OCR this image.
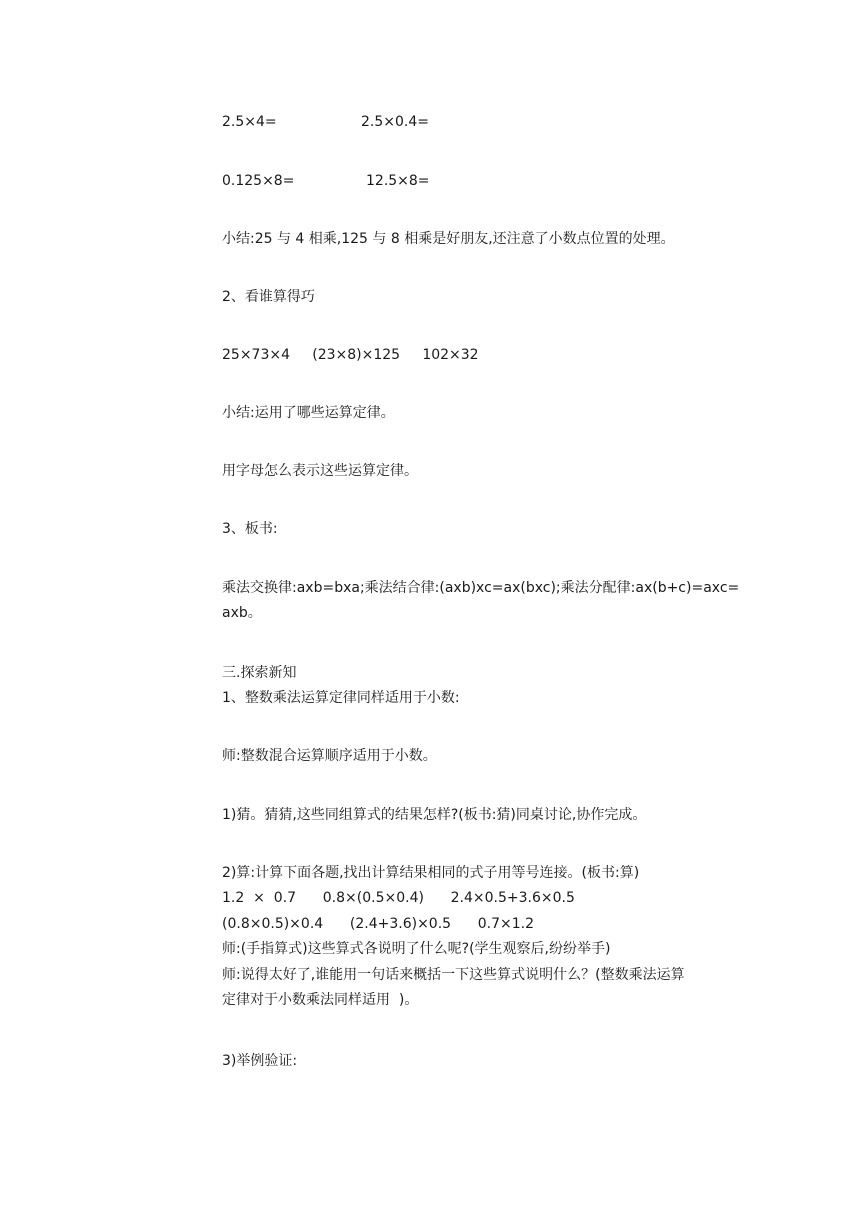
2.5×4=	2.5×0.4=
0.125×8=	12.5×8=
小结:25 与 4 相乘,125 与 8 相乘是好朋友,还注意了小数点位置的处理。
2、看谁算得巧
25×73×4     (23×8)×125     102×32
小结:运用了哪些运算定律。
用字母怎么表示这些运算定律。
3、板书:
乘法交换律:axb=bxa;乘法结合律:(axb)xc=ax(bxc);乘法分配律:ax(b+c)=axc=
axb。
三.探索新知
1、整数乘法运算定律同样适用于小数:
师:整数混合运算顺序适用于小数。
1)猜。猜猜,这些同组算式的结果怎样?(板书:猜)同桌讨论,协作完成。
2)算:计算下面各题,找出计算结果相同的式子用等号连接。(板书:算)
1.2  ×  0.7      0.8×(0.5×0.4)      2.4×0.5+3.6×0.5
(0.8×0.5)×0.4      (2.4+3.6)×0.5      0.7×1.2
师:(手指算式)这些算式各说明了什么呢?(学生观察后,纷纷举手)
师:说得太好了,谁能用一句话来概括一下这些算式说明什么？(整数乘法运算
定律对于小数乘法同样适用  )。
3)举例验证:
